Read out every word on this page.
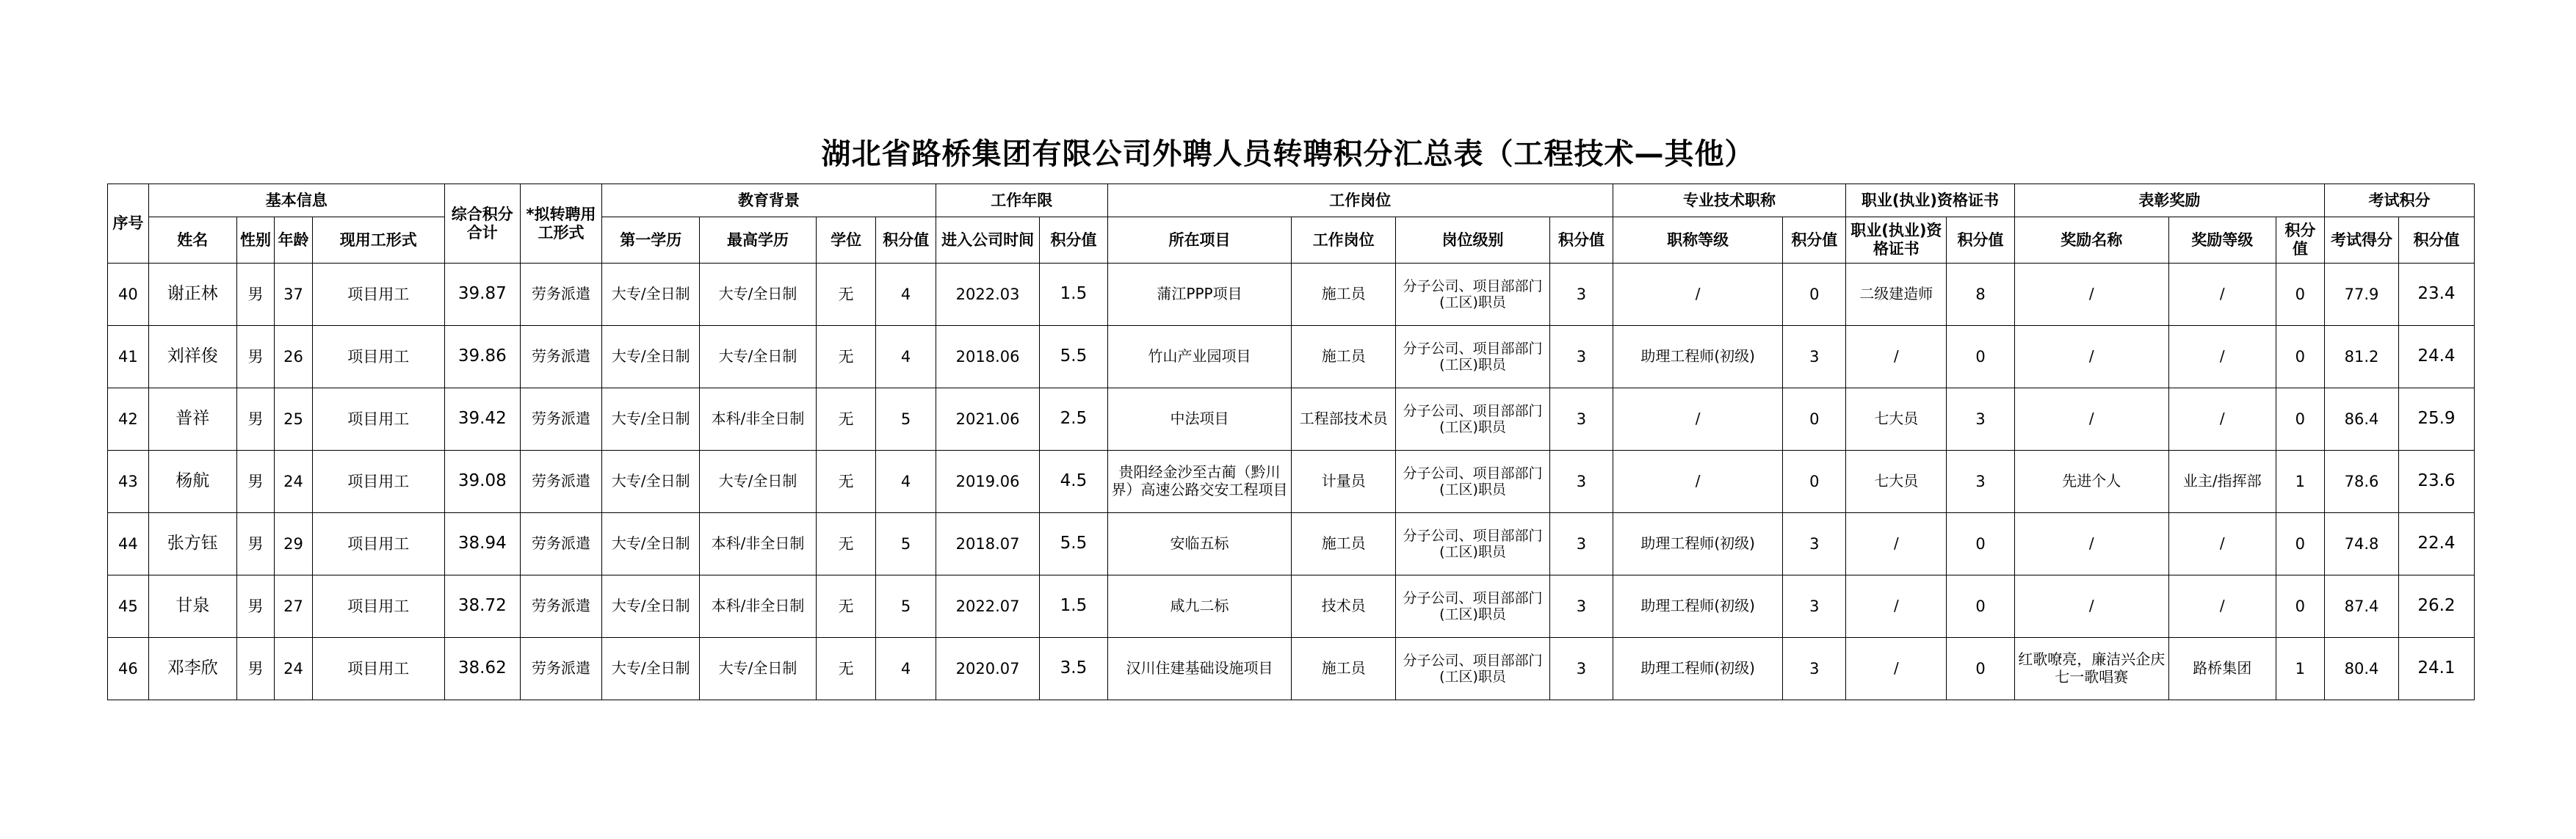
湖北省路桥集团有限公司外聘人员转聘积分汇总表（工程技术—其他）
序号	基本信息				综合积分合计	*拟转聘用工形式	教育背景				工作年限		工作岗位				专业技术职称		职业(执业)资格证书		表彰奖励			考试积分	
	姓名	性别	年龄	现用工形式			第一学历	最高学历	学位	积分值	进入公司时间	积分值	所在项目	工作岗位	岗位级别	积分值	职称等级	积分值	职业(执业)资格证书	积分值	奖励名称	奖励等级	积分值	考试得分	积分值
40	谢正林	男	37	项目用工	39.87	劳务派遣	大专/全日制	大专/全日制	无	4	2022.03	1.5	蒲江PPP项目	施工员	分子公司、项目部部门(工区)职员	3	/	0	二级建造师	8	/	/	0	77.9	23.4
41	刘祥俊	男	26	项目用工	39.86	劳务派遣	大专/全日制	大专/全日制	无	4	2018.06	5.5	竹山产业园项目	施工员	分子公司、项目部部门(工区)职员	3	助理工程师(初级)	3	/	0	/	/	0	81.2	24.4
42	普祥	男	25	项目用工	39.42	劳务派遣	大专/全日制	本科/非全日制	无	5	2021.06	2.5	中法项目	工程部技术员	分子公司、项目部部门(工区)职员	3	/	0	七大员	3	/	/	0	86.4	25.9
43	杨航	男	24	项目用工	39.08	劳务派遣	大专/全日制	大专/全日制	无	4	2019.06	4.5	贵阳经金沙至古蔺（黔川界）高速公路交安工程项目	计量员	分子公司、项目部部门(工区)职员	3	/	0	七大员	3	先进个人	业主/指挥部	1	78.6	23.6
44	张方钰	男	29	项目用工	38.94	劳务派遣	大专/全日制	本科/非全日制	无	5	2018.07	5.5	安临五标	施工员	分子公司、项目部部门(工区)职员	3	助理工程师(初级)	3	/	0	/	/	0	74.8	22.4
45	甘泉	男	27	项目用工	38.72	劳务派遣	大专/全日制	本科/非全日制	无	5	2022.07	1.5	咸九二标	技术员	分子公司、项目部部门(工区)职员	3	助理工程师(初级)	3	/	0	/	/	0	87.4	26.2
46	邓李欣	男	24	项目用工	38.62	劳务派遣	大专/全日制	大专/全日制	无	4	2020.07	3.5	汉川住建基础设施项目	施工员	分子公司、项目部部门(工区)职员	3	助理工程师(初级)	3	/	0	红歌嘹亮，廉洁兴企庆七一歌唱赛	路桥集团	1	80.4	24.1
